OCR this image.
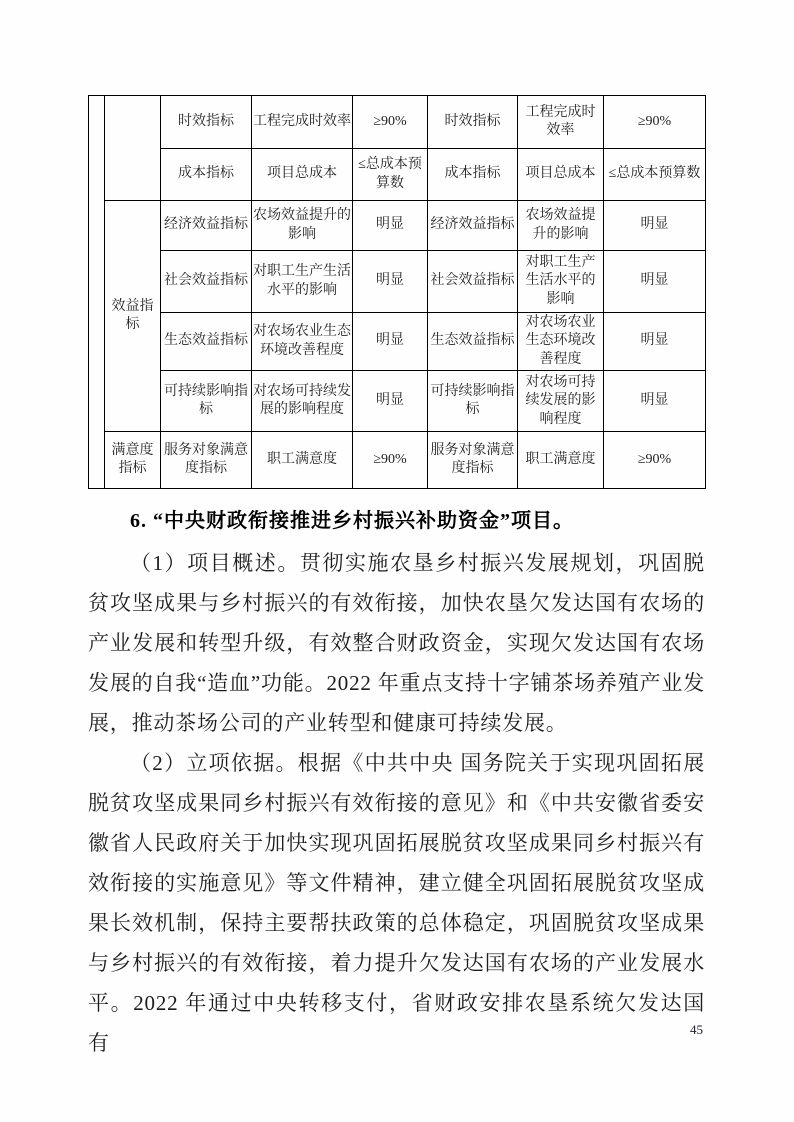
		时效指标	工程完成时效率	≥90%	时效指标	工程完成时效率	≥90%
		成本指标	项目总成本	≤总成本预算数	成本指标	项目总成本	≤总成本预算数
	效益指标	经济效益指标	农场效益提升的影响	明显	经济效益指标	农场效益提升的影响	明显
		社会效益指标	对职工生产生活水平的影响	明显	社会效益指标	对职工生产生活水平的影响	明显
		生态效益指标	对农场农业生态环境改善程度	明显	生态效益指标	对农场农业生态环境改善程度	明显
		可持续影响指标	对农场可持续发展的影响程度	明显	可持续影响指标	对农场可持续发展的影响程度	明显
	满意度指标	服务对象满意度指标	职工满意度	≥90%	服务对象满意度指标	职工满意度	≥90%
6. “中央财政衔接推进乡村振兴补助资金”项目。

（1）项目概述。贯彻实施农垦乡村振兴发展规划，巩固脱贫攻坚成果与乡村振兴的有效衔接，加快农垦欠发达国有农场的产业发展和转型升级，有效整合财政资金，实现欠发达国有农场发展的自我“造血”功能。2022 年重点支持十字铺茶场养殖产业发展，推动茶场公司的产业转型和健康可持续发展。

（2）立项依据。根据《中共中央 国务院关于实现巩固拓展脱贫攻坚成果同乡村振兴有效衔接的意见》和《中共安徽省委安徽省人民政府关于加快实现巩固拓展脱贫攻坚成果同乡村振兴有效衔接的实施意见》等文件精神，建立健全巩固拓展脱贫攻坚成果长效机制，保持主要帮扶政策的总体稳定，巩固脱贫攻坚成果与乡村振兴的有效衔接，着力提升欠发达国有农场的产业发展水平。2022 年通过中央转移支付，省财政安排农垦系统欠发达国有

45
